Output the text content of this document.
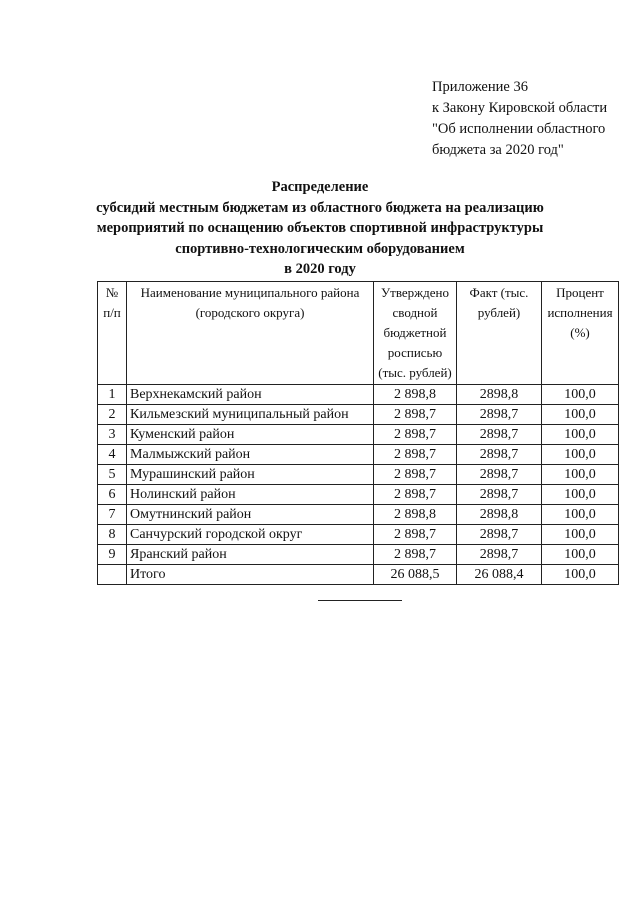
Приложение 36
к Закону Кировской области
"Об исполнении областного
бюджета за 2020 год"
Распределение
субсидий местным бюджетам из областного бюджета на реализацию
мероприятий по оснащению объектов спортивной инфраструктуры
спортивно-технологическим оборудованием
в 2020 году
№ п/п	Наименование муниципального района (городского округа)	Утверждено сводной бюджетной росписью (тыс. рублей)	Факт (тыс. рублей)	Процент исполнения (%)
1	Верхнекамский район	2 898,8	2898,8	100,0
2	Кильмезский муниципальный район	2 898,7	2898,7	100,0
3	Куменский район	2 898,7	2898,7	100,0
4	Малмыжский район	2 898,7	2898,7	100,0
5	Мурашинский район	2 898,7	2898,7	100,0
6	Нолинский район	2 898,7	2898,7	100,0
7	Омутнинский район	2 898,8	2898,8	100,0
8	Санчурский городской округ	2 898,7	2898,7	100,0
9	Яранский район	2 898,7	2898,7	100,0
	Итого	26 088,5	26 088,4	100,0
